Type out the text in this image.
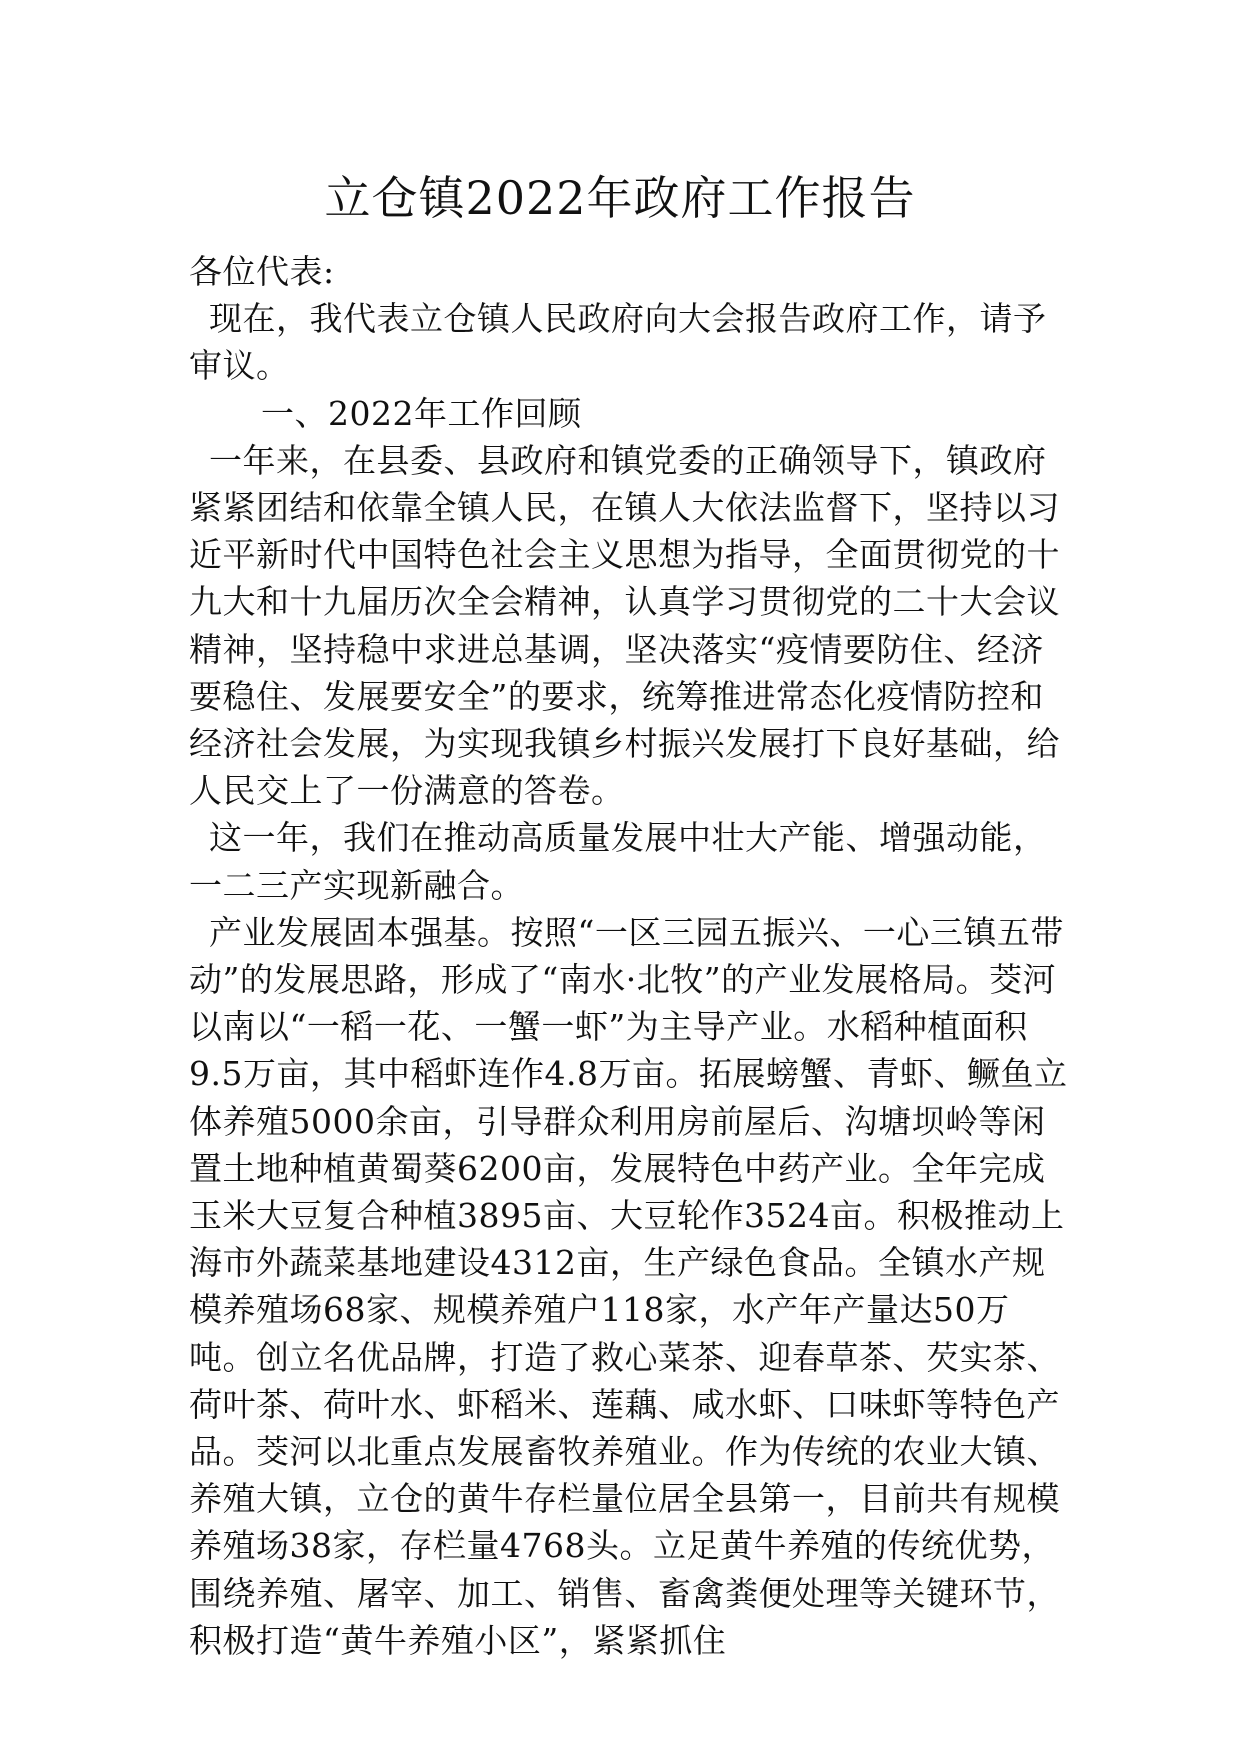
立仓镇2022年政府工作报告

各位代表:

现在，我代表立仓镇人民政府向大会报告政府工作，请予审议。

一、2022年工作回顾

一年来，在县委、县政府和镇党委的正确领导下，镇政府紧紧团结和依靠全镇人民，在镇人大依法监督下，坚持以习近平新时代中国特色社会主义思想为指导，全面贯彻党的十九大和十九届历次全会精神，认真学习贯彻党的二十大会议精神，坚持稳中求进总基调，坚决落实“疫情要防住、经济要稳住、发展要安全”的要求，统筹推进常态化疫情防控和经济社会发展，为实现我镇乡村振兴发展打下良好基础，给人民交上了一份满意的答卷。

这一年，我们在推动高质量发展中壮大产能、增强动能，一二三产实现新融合。

产业发展固本强基。按照“一区三园五振兴、一心三镇五带动”的发展思路，形成了“南水·北牧”的产业发展格局。茭河以南以“一稻一花、一蟹一虾”为主导产业。水稻种植面积9.5万亩，其中稻虾连作4.8万亩。拓展螃蟹、青虾、鳜鱼立体养殖5000余亩，引导群众利用房前屋后、沟塘坝岭等闲置土地种植黄蜀葵6200亩，发展特色中药产业。全年完成玉米大豆复合种植3895亩、大豆轮作3524亩。积极推动上海市外蔬菜基地建设4312亩，生产绿色食品。全镇水产规模养殖场68家、规模养殖户118家，水产年产量达50万吨。创立名优品牌，打造了救心菜茶、迎春草茶、芡实茶、荷叶茶、荷叶水、虾稻米、莲藕、咸水虾、口味虾等特色产品。茭河以北重点发展畜牧养殖业。作为传统的农业大镇、养殖大镇，立仓的黄牛存栏量位居全县第一，目前共有规模养殖场38家，存栏量4768头。立足黄牛养殖的传统优势，围绕养殖、屠宰、加工、销售、畜禽粪便处理等关键环节，积极打造“黄牛养殖小区”，紧紧抓住
